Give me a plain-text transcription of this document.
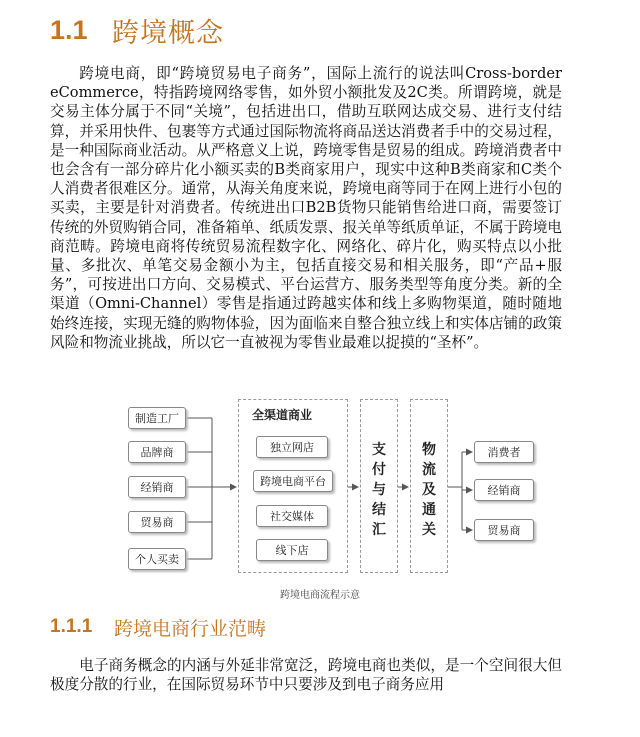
1.1 跨境概念

跨境电商，即“跨境贸易电子商务”，国际上流行的说法叫Cross-border eCommerce，特指跨境网络零售，如外贸小额批发及2C类。所谓跨境，就是交易主体分属于不同“关境”，包括进出口，借助互联网达成交易、进行支付结算，并采用快件、包裹等方式通过国际物流将商品送达消费者手中的交易过程，是一种国际商业活动。从严格意义上说，跨境零售是贸易的组成。跨境消费者中也会含有一部分碎片化小额买卖的B类商家用户，现实中这种B类商家和C类个人消费者很难区分。通常，从海关角度来说，跨境电商等同于在网上进行小包的买卖，主要是针对消费者。传统进出口B2B货物只能销售给进口商，需要签订传统的外贸购销合同，准备箱单、纸质发票、报关单等纸质单证，不属于跨境电商范畴。跨境电商将传统贸易流程数字化、网络化、碎片化，购买特点以小批量、多批次、单笔交易金额小为主，包括直接交易和相关服务，即“产品+服务”，可按进出口方向、交易模式、平台运营方、服务类型等角度分类。新的全渠道（Omni-Channel）零售是指通过跨越实体和线上多购物渠道，随时随地始终连接，实现无缝的购物体验，因为面临来自整合独立线上和实体店铺的政策风险和物流业挑战，所以它一直被视为零售业最难以捉摸的“圣杯”。

制造工厂
品牌商
经销商
贸易商
个人买卖
全渠道商业
独立网店
跨境电商平台
社交媒体
线下店
支
付
与
结
汇
物
流
及
通
关
消费者
经销商
贸易商
跨境电商流程示意
1.1.1	跨境电商行业范畴

电子商务概念的内涵与外延非常宽泛，跨境电商也类似，是一个空间很大但极度分散的行业，在国际贸易环节中只要涉及到电子商务应用
